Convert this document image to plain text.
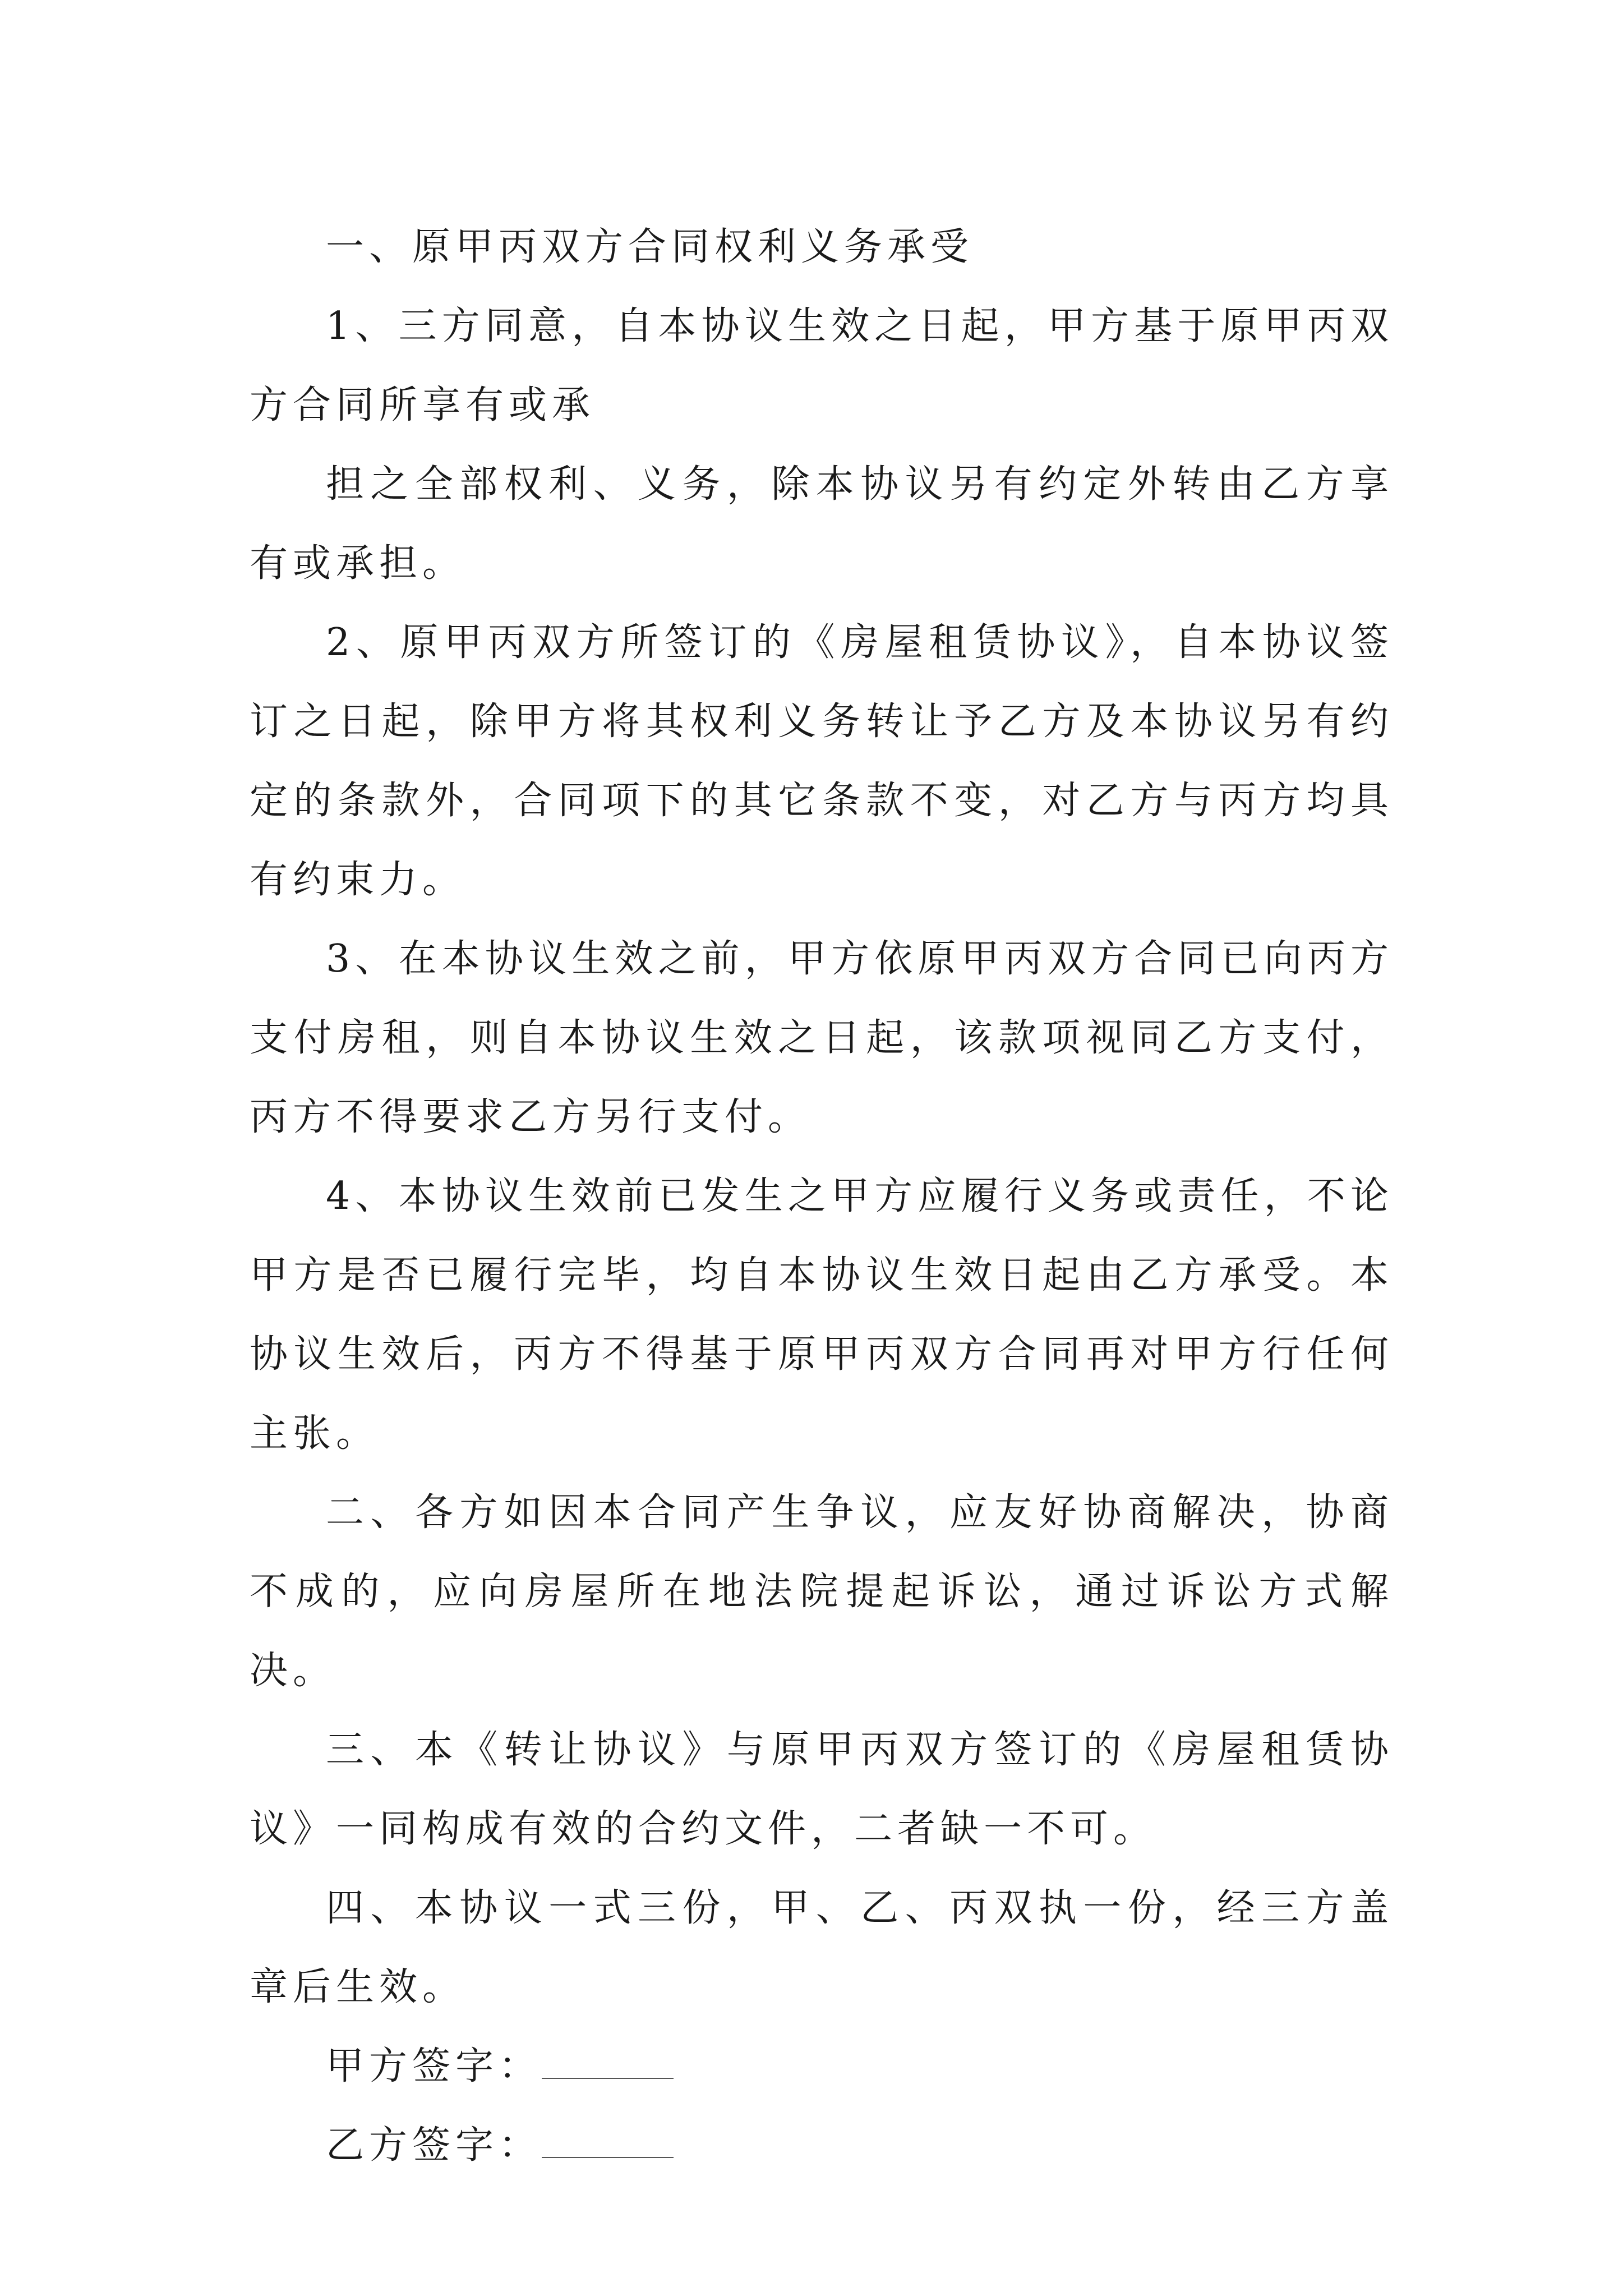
一、原甲丙双方合同权利义务承受

1、三方同意，自本协议生效之日起，甲方基于原甲丙双方合同所享有或承

担之全部权利、义务，除本协议另有约定外转由乙方享有或承担。

2、原甲丙双方所签订的《房屋租赁协议》，自本协议签订之日起，除甲方将其权利义务转让予乙方及本协议另有约定的条款外，合同项下的其它条款不变，对乙方与丙方均具有约束力。

3、在本协议生效之前，甲方依原甲丙双方合同已向丙方支付房租，则自本协议生效之日起，该款项视同乙方支付，丙方不得要求乙方另行支付。

4、本协议生效前已发生之甲方应履行义务或责任，不论甲方是否已履行完毕，均自本协议生效日起由乙方承受。本协议生效后，丙方不得基于原甲丙双方合同再对甲方行任何主张。

二、各方如因本合同产生争议，应友好协商解决，协商不成的，应向房屋所在地法院提起诉讼，通过诉讼方式解决。

三、本《转让协议》与原甲丙双方签订的《房屋租赁协议》一同构成有效的合约文件，二者缺一不可。

四、本协议一式三份，甲、乙、丙双执一份，经三方盖章后生效。

甲方签字：

乙方签字：
